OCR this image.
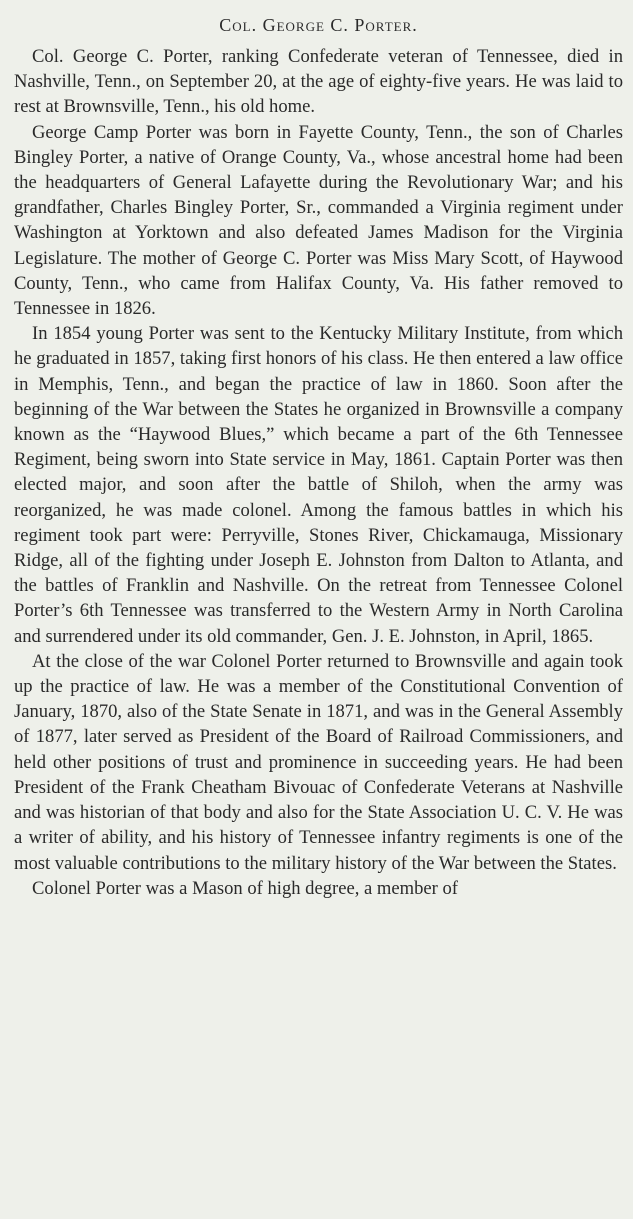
Col. George C. Porter.

Col. George C. Porter, ranking Confederate veteran of Tennessee, died in Nashville, Tenn., on September 20, at the age of eighty-five years. He was laid to rest at Brownsville, Tenn., his old home.

George Camp Porter was born in Fayette County, Tenn., the son of Charles Bingley Porter, a native of Orange County, Va., whose ancestral home had been the headquarters of General Lafayette during the Revolutionary War; and his grandfather, Charles Bingley Porter, Sr., commanded a Virginia regiment under Washington at Yorktown and also defeated James Madison for the Virginia Legislature. The mother of George C. Porter was Miss Mary Scott, of Haywood County, Tenn., who came from Halifax County, Va. His father removed to Tennessee in 1826.

In 1854 young Porter was sent to the Kentucky Military Institute, from which he graduated in 1857, taking first honors of his class. He then entered a law office in Memphis, Tenn., and began the practice of law in 1860. Soon after the beginning of the War between the States he organized in Brownsville a company known as the “Haywood Blues,” which became a part of the 6th Tennessee Regiment, being sworn into State service in May, 1861. Captain Porter was then elected major, and soon after the battle of Shiloh, when the army was reorganized, he was made colonel. Among the famous battles in which his regiment took part were: Perryville, Stones River, Chickamauga, Missionary Ridge, all of the fighting under Joseph E. Johnston from Dalton to Atlanta, and the battles of Franklin and Nashville. On the retreat from Tennessee Colonel Porter’s 6th Tennessee was transferred to the Western Army in North Carolina and surrendered under its old commander, Gen. J. E. Johnston, in April, 1865.

At the close of the war Colonel Porter returned to Brownsville and again took up the practice of law. He was a member of the Constitutional Convention of January, 1870, also of the State Senate in 1871, and was in the General Assembly of 1877, later served as President of the Board of Railroad Commissioners, and held other positions of trust and prominence in succeeding years. He had been President of the Frank Cheatham Bivouac of Confederate Veterans at Nashville and was historian of that body and also for the State Association U. C. V. He was a writer of ability, and his history of Tennessee infantry regiments is one of the most valuable contributions to the military history of the War between the States.

Colonel Porter was a Mason of high degree, a member of
